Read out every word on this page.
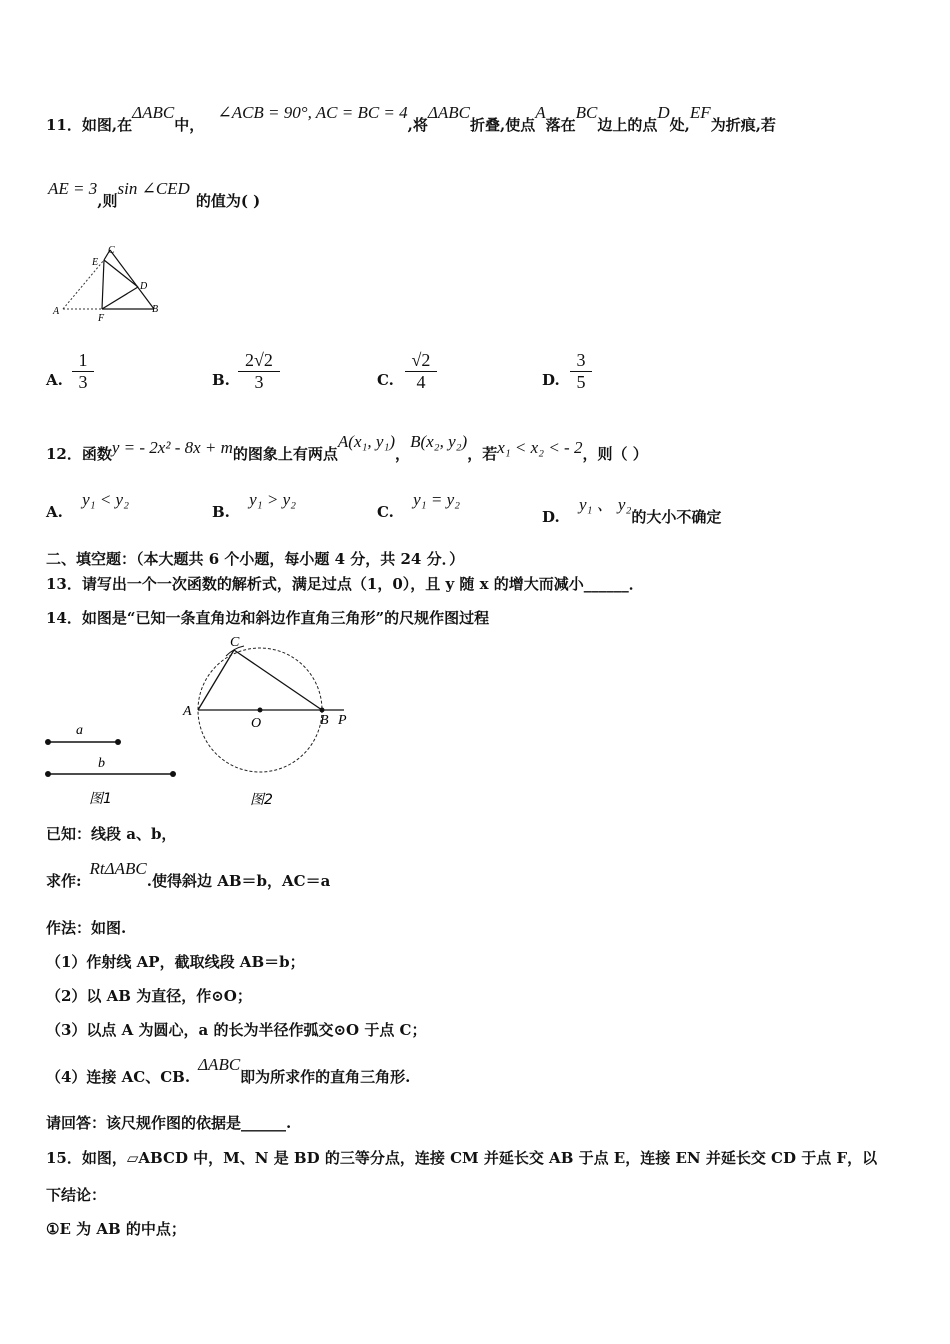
11．如图,在ΔABC中， ∠ACB = 90°, AC = BC = 4,将ΔABC折叠,使点A落在BC边上的点D处,EF为折痕,若
AE = 3,则sin ∠CED的值为( )
C
E
D
A
F
B
A. $\frac{1}{3}$	B. $\frac{2√2}{3}$	C. $\frac{√2}{4}$	D. $\frac{3}{5}$
12．函数y = - 2x² - 8x + m的图象上有两点A(x₁, y₁)，B(x₂, y₂)，若x₁ < x₂ < - 2，则（ ）
A. y₁ < y₂
B. y₁ > y₂
C. y₁ = y₂
D. y₁ 、 y₂的大小不确定
二、填空题：（本大题共 6 个小题，每小题 4 分，共 24 分．）
13．请写出一个一次函数的解析式，满足过点（1，0），且 y 随 x 的增大而减小______．
14．如图是“已知一条直角边和斜边作直角三角形”的尺规作图过程
a
b
图1
C
A
O	B P
图2
已知：线段 a、b，
求作:RtΔABC.使得斜边 AB＝b，AC＝a
作法：如图.
（1）作射线 AP，截取线段 AB＝b；
（2）以 AB 为直径，作⊙O；
（3）以点 A 为圆心，a 的长为半径作弧交⊙O 于点 C；
（4）连接 AC、CB.ΔABC即为所求作的直角三角形.
请回答：该尺规作图的依据是______.
15．如图，▱ABCD 中，M、N 是 BD 的三等分点，连接 CM 并延长交 AB 于点 E，连接 EN 并延长交 CD 于点 F，以
下结论：
①E 为 AB 的中点；
